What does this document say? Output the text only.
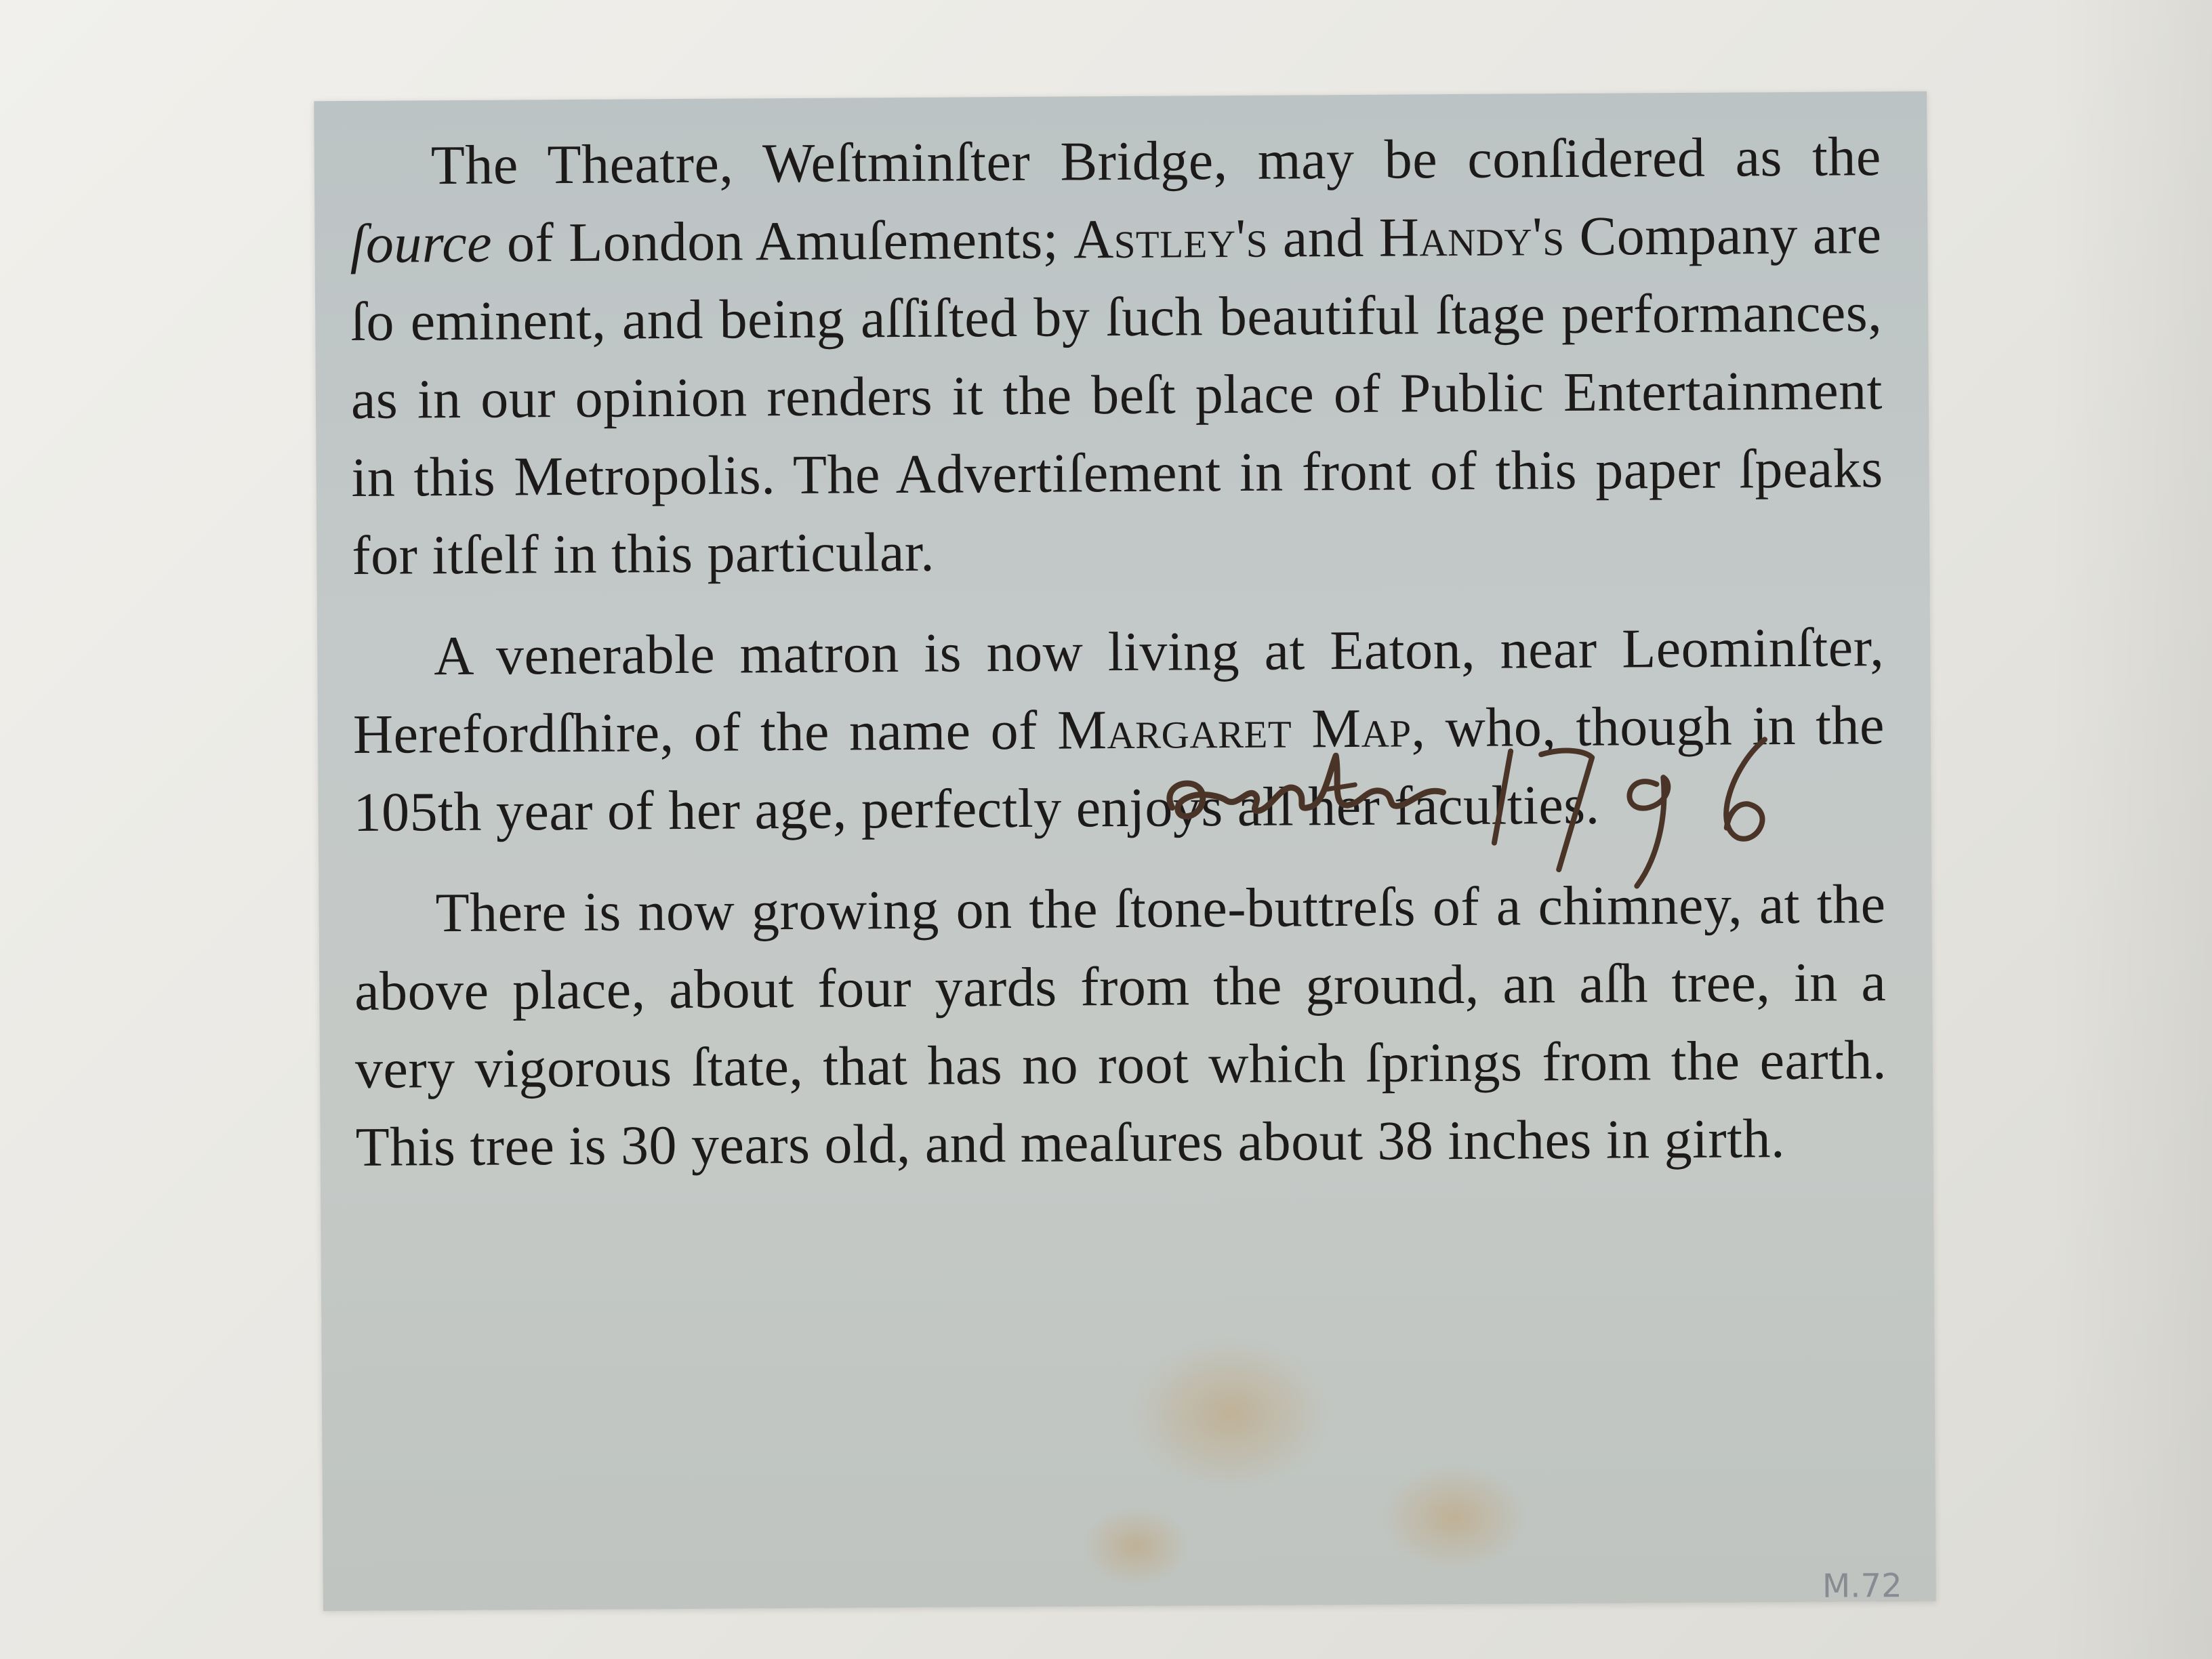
The Theatre, Weſtminſter Bridge, may be conſidered as the ſource of London Amuſements; Astley's and Handy's Company are ſo eminent, and being aſſiſted by ſuch beautiful ſtage performances, as in our opinion renders it the beſt place of Public Entertainment in this Metropolis. The Advertiſement in front of this paper ſpeaks for itſelf in this particular.

A venerable matron is now living at Eaton, near Leominſter, Herefordſhire, of the name of Margaret Map, who, though in the 105th year of her age, perfectly enjoys all her faculties.

There is now growing on the ſtone-buttreſs of a chimney, at the above place, about four yards from the ground, an aſh tree, in a very vigorous ſtate, that has no root which ſprings from the earth. This tree is 30 years old, and meaſures about 38 inches in girth.

M.72
